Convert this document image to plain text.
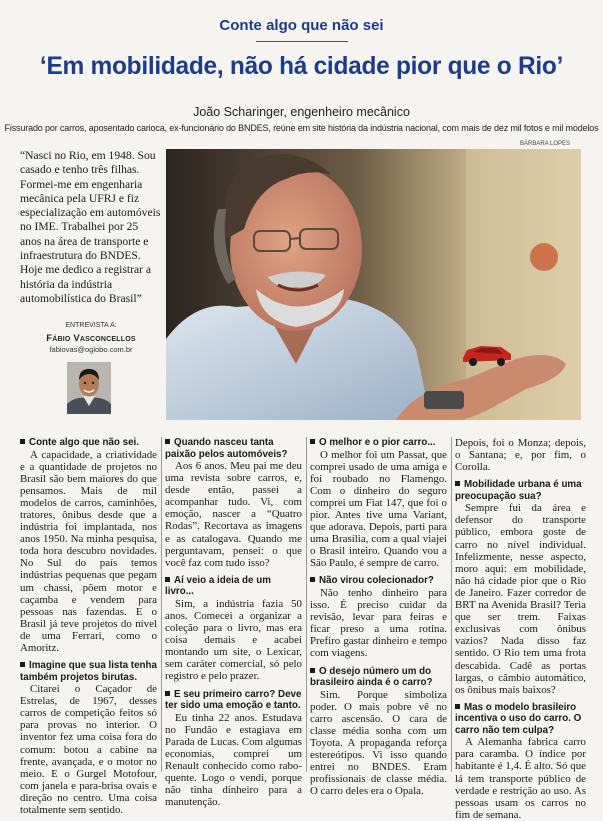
Conte algo que não sei
‘Em mobilidade, não há cidade pior que o Rio’
João Scharinger, engenheiro mecânico
Fissurado por carros, aposentado carioca, ex-funcionário do BNDES, reúne em site história da indústria nacional, com mais de dez mil fotos e mil modelos
BÁRBARA LOPES
“Nasci no Rio, em 1948. Sou casado e tenho três filhas. Formei-me em engenharia mecânica pela UFRJ e fiz especialização em automóveis no IME. Trabalhei por 25 anos na área de transporte e infraestrutura do BNDES. Hoje me dedico a registrar a história da indústria automobilística do Brasil”
ENTREVISTA A:
Fábio Vasconcellos
fabiovas@oglobo.com.br
Conte algo que não sei.

A capacidade, a criatividade e a quantidade de projetos no Brasil são bem maiores do que pensamos. Mais de mil modelos de carros, caminhões, tratores, ônibus desde que a indústria foi implantada, nos anos 1950. Na minha pesquisa, toda hora descubro novidades. No Sul do país temos indústrias pequenas que pegam um chassi, põem motor e caçamba e vendem para pessoas nas fazendas. E o Brasil já teve projetos do nível de uma Ferrari, como o Amoritz.

Imagine que sua lista tenha também projetos birutas.

Citarei o Caçador de Estrelas, de 1967, desses carros de competição feitos só para provas no interior. O inventor fez uma coisa fora do comum: botou a cabine na frente, avançada, e o motor no meio. E o Gurgel Motofour, com janela e para-brisa ovais e direção no centro. Uma coisa totalmente sem sentido.

Quando nasceu tanta paixão pelos automóveis?

Aos 6 anos. Meu pai me deu uma revista sobre carros, e, desde então, passei a acompanhar tudo. Vi, com emoção, nascer a “Quatro Rodas”. Recortava as imagens e as catalogava. Quando me perguntavam, pensei: o que você faz com tudo isso?

Aí veio a ideia de um livro...

Sim, a indústria fazia 50 anos. Comecei a organizar a coleção para o livro, mas era coisa demais e acabei montando um site, o Lexicar, sem caráter comercial, só pelo registro e pelo prazer.

E seu primeiro carro? Deve ter sido uma emoção e tanto.

Eu tinha 22 anos. Estudava no Fundão e estagiava em Parada de Lucas. Com algumas economias, comprei um Renault conhecido como rabo-quente. Logo o vendi, porque não tinha dinheiro para a manutenção.

O melhor e o pior carro...

O melhor foi um Passat, que comprei usado de uma amiga e foi roubado no Flamengo. Com o dinheiro do seguro comprei um Fiat 147, que foi o pior. Antes tive uma Variant, que adorava. Depois, parti para uma Brasília, com a qual viajei o Brasil inteiro. Quando vou a São Paulo, é sempre de carro.

Não virou colecionador?

Não tenho dinheiro para isso. É preciso cuidar da revisão, levar para feiras e ficar preso a uma rotina. Prefiro gastar dinheiro e tempo com viagens.

O desejo número um do brasileiro ainda é o carro?

Sim. Porque simboliza poder. O mais pobre vê no carro ascensão. O cara de classe média sonha com um Toyota. A propaganda reforça estereótipos. Vi isso quando entrei no BNDES. Eram profissionais de classe média. O carro deles era o Opala.

Depois, foi o Monza; depois, o Santana; e, por fim, o Corolla.

Mobilidade urbana é uma preocupação sua?

Sempre fui da área e defensor do transporte público, embora goste de carro no nível individual. Infelizmente, nesse aspecto, moro aqui: em mobilidade, não há cidade pior que o Rio de Janeiro. Fazer corredor de BRT na Avenida Brasil? Teria que ser trem. Faixas exclusivas com ônibus vazios? Nada disso faz sentido. O Rio tem uma frota descabida. Cadê as portas largas, o câmbio automático, os ônibus mais baixos?

Mas o modelo brasileiro incentiva o uso do carro. O carro não tem culpa?

A Alemanha fabrica carro para caramba. O índice por habitante é 1,4. É alto. Só que lá tem transporte público de verdade e restrição ao uso. As pessoas usam os carros no fim de semana.
